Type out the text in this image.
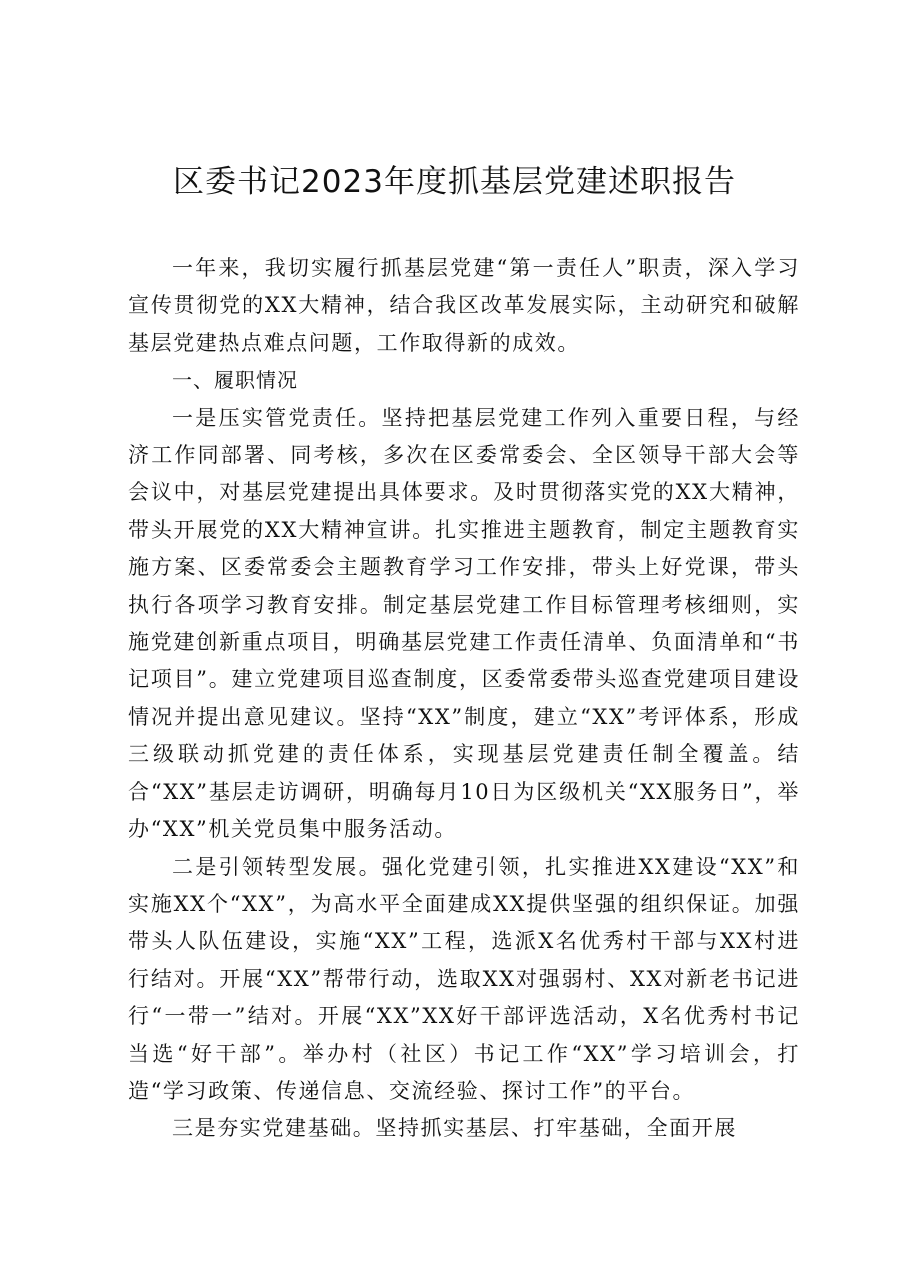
区委书记2023年度抓基层党建述职报告

一年来，我切实履行抓基层党建“第一责任人”职责，深入学习宣传贯彻党的XX大精神，结合我区改革发展实际，主动研究和破解基层党建热点难点问题，工作取得新的成效。

一、履职情况

一是压实管党责任。坚持把基层党建工作列入重要日程，与经济工作同部署、同考核，多次在区委常委会、全区领导干部大会等会议中，对基层党建提出具体要求。及时贯彻落实党的XX大精神，带头开展党的XX大精神宣讲。扎实推进主题教育，制定主题教育实施方案、区委常委会主题教育学习工作安排，带头上好党课，带头执行各项学习教育安排。制定基层党建工作目标管理考核细则，实施党建创新重点项目，明确基层党建工作责任清单、负面清单和“书记项目”。建立党建项目巡查制度，区委常委带头巡查党建项目建设情况并提出意见建议。坚持“XX”制度，建立“XX”考评体系，形成三级联动抓党建的责任体系，实现基层党建责任制全覆盖。结合“XX”基层走访调研，明确每月10日为区级机关“XX服务日”，举办“XX”机关党员集中服务活动。

二是引领转型发展。强化党建引领，扎实推进XX建设“XX”和实施XX个“XX”，为高水平全面建成XX提供坚强的组织保证。加强带头人队伍建设，实施“XX”工程，选派X名优秀村干部与XX村进行结对。开展“XX”帮带行动，选取XX对强弱村、XX对新老书记进行“一带一”结对。开展“XX”XX好干部评选活动，X名优秀村书记当选“好干部”。举办村（社区）书记工作“XX”学习培训会，打造“学习政策、传递信息、交流经验、探讨工作”的平台。

三是夯实党建基础。坚持抓实基层、打牢基础，全面开展
